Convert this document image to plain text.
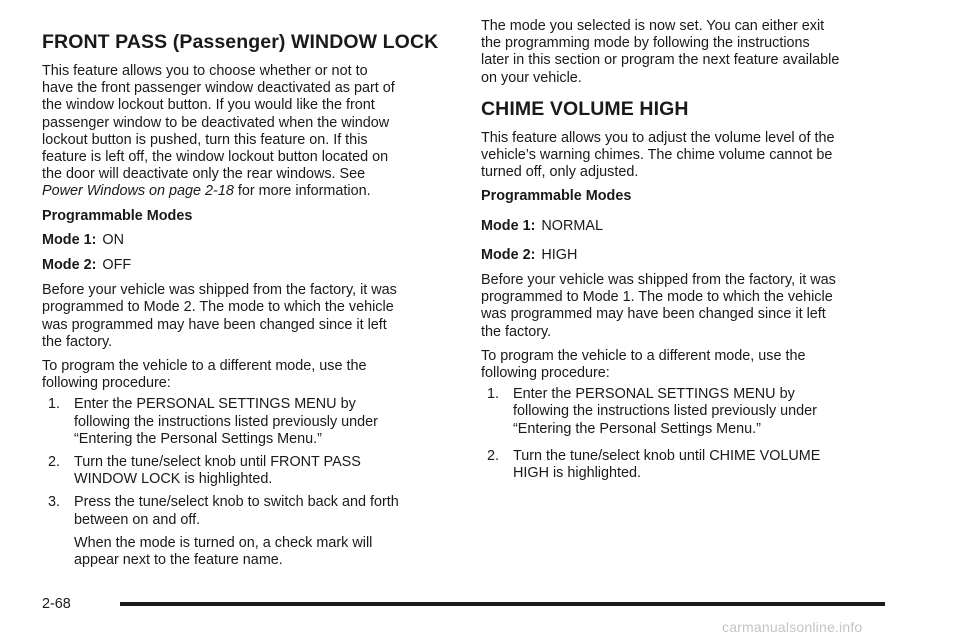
FRONT PASS (Passenger) WINDOW LOCK

This feature allows you to choose whether or not to
have the front passenger window deactivated as part of
the window lockout button. If you would like the front
passenger window to be deactivated when the window
lockout button is pushed, turn this feature on. If this
feature is left off, the window lockout button located on
the door will deactivate only the rear windows. See
Power Windows on page 2-18 for more information.

Programmable Modes

Mode 1: ON

Mode 2: OFF

Before your vehicle was shipped from the factory, it was
programmed to Mode 2. The mode to which the vehicle
was programmed may have been changed since it left
the factory.

To program the vehicle to a different mode, use the
following procedure:

1. Enter the PERSONAL SETTINGS MENU by
following the instructions listed previously under
“Entering the Personal Settings Menu.”
2. Turn the tune/select knob until FRONT PASS
WINDOW LOCK is highlighted.
3. Press the tune/select knob to switch back and forth
between on and off.

When the mode is turned on, a check mark will
appear next to the feature name.

The mode you selected is now set. You can either exit
the programming mode by following the instructions
later in this section or program the next feature available
on your vehicle.

CHIME VOLUME HIGH

This feature allows you to adjust the volume level of the
vehicle’s warning chimes. The chime volume cannot be
turned off, only adjusted.

Programmable Modes

Mode 1: NORMAL

Mode 2: HIGH

Before your vehicle was shipped from the factory, it was
programmed to Mode 1. The mode to which the vehicle
was programmed may have been changed since it left
the factory.

To program the vehicle to a different mode, use the
following procedure:

1. Enter the PERSONAL SETTINGS MENU by
following the instructions listed previously under
“Entering the Personal Settings Menu.”
2. Turn the tune/select knob until CHIME VOLUME
HIGH is highlighted.
2-68
carmanualsonline.info
